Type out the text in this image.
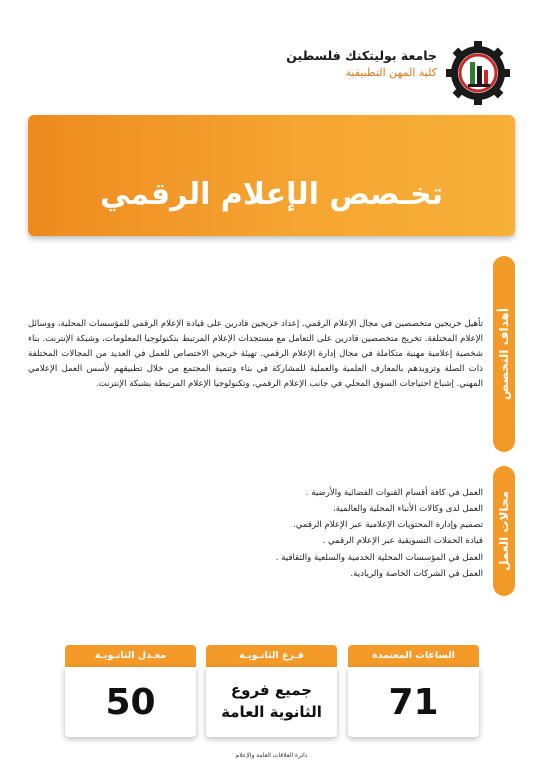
جامعة بوليتكنك فلسطين
كلية المهن التطبيقية
تخـصص الإعلام الرقمي
أهداف التخصص
مجالات العمل
تأهيل خريجين متخصصين في مجال الإعلام الرقمي. إعداد خريجين قادرين على قيادة الإعلام الرقمي للمؤسسات المحلية، ووسائل الإعلام المختلفة. تخريج متخصصين قادرين على التعامل مع مستجدات الإعلام المرتبط بتكنولوجيا المعلومات، وشبكة الإنترنت. بناء شخصية إعلامية مهنية متكاملة في مجال إدارة الإعلام الرقمي. تهيئة خريجي الاختصاص للعمل في العديد من المجالات المختلفة ذات الصلة وتزويدهم بالمعارف العلمية والعملية للمشاركة في بناء وتنمية المجتمع من خلال تطبيقهم لأسس العمل الإعلامي المهني. إشباع احتياجات السوق المحلي في جانب الإعلام الرقمي، وتكنولوجيا الإعلام المرتبطة بشبكة الإنترنت.
العمل في كافة أقسام القنوات الفضائية والأرضية .
العمل لدى وكالات الأنباء المحلية والعالمية.
تصميم وإدارة المحتويات الإعلامية عبر الإعلام الرقمي.
قيادة الحملات التسويقية عبر الإعلام الرقمي .
العمل في المؤسسات المحلية الخدمية والسلعية والثقافية .
العمل في الشركات الخاصة والريادية.
الساعات المعتمدة
71
فـرع الثانـويـة
جميع فروع
الثانوية العامة
معـدل الثانـويـة
50
دائرة العلاقات العامة والإعلام
